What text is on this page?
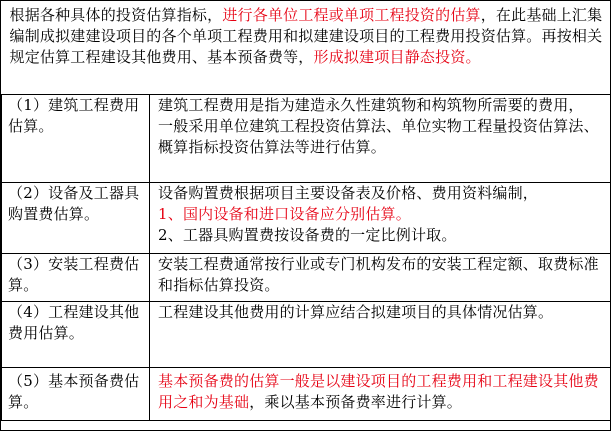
根据各种具体的投资估算指标，进行各单位工程或单项工程投资的估算，在此基础上汇集编制成拟建建设项目的各个单项工程费用和拟建建设项目的工程费用投资估算。再按相关规定估算工程建设其他费用、基本预备费等，形成拟建项目静态投资。	
（1）建筑工程费用估算。	建筑工程费用是指为建造永久性建筑物和构筑物所需要的费用，
一般采用单位建筑工程投资估算法、单位实物工程量投资估算法、概算指标投资估算法等进行估算。

（2）设备及工器具购置费估算。	设备购置费根据项目主要设备表及价格、费用资料编制，
1、国内设备和进口设备应分别估算。
2、工器具购置费按设备费的一定比例计取。

（3）安装工程费估算。	安装工程费通常按行业或专门机构发布的安装工程定额、取费标准和指标估算投资。

（4）工程建设其他费用估算。	工程建设其他费用的计算应结合拟建项目的具体情况估算。

（5）基本预备费估算。	基本预备费的估算一般是以建设项目的工程费用和工程建设其他费用之和为基础，乘以基本预备费率进行计算。
